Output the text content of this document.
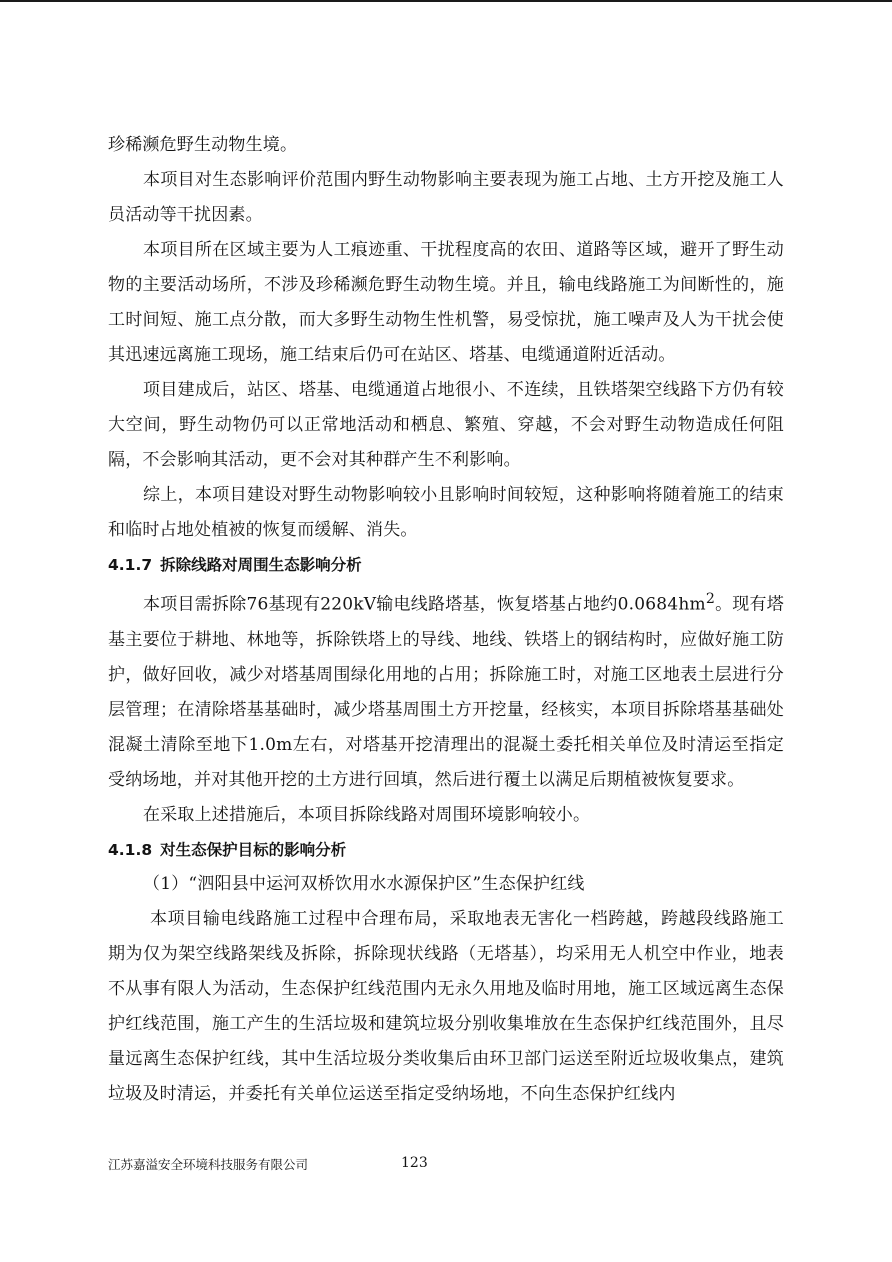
珍稀濒危野生动物生境。

本项目对生态影响评价范围内野生动物影响主要表现为施工占地、土方开挖及施工人员活动等干扰因素。

本项目所在区域主要为人工痕迹重、干扰程度高的农田、道路等区域，避开了野生动物的主要活动场所，不涉及珍稀濒危野生动物生境。并且，输电线路施工为间断性的，施工时间短、施工点分散，而大多野生动物生性机警，易受惊扰，施工噪声及人为干扰会使其迅速远离施工现场，施工结束后仍可在站区、塔基、电缆通道附近活动。

项目建成后，站区、塔基、电缆通道占地很小、不连续，且铁塔架空线路下方仍有较大空间，野生动物仍可以正常地活动和栖息、繁殖、穿越，不会对野生动物造成任何阻隔，不会影响其活动，更不会对其种群产生不利影响。

综上，本项目建设对野生动物影响较小且影响时间较短，这种影响将随着施工的结束和临时占地处植被的恢复而缓解、消失。

4.1.7 拆除线路对周围生态影响分析

本项目需拆除76基现有220kV输电线路塔基，恢复塔基占地约$0.0684hm^2$。现有塔基主要位于耕地、林地等，拆除铁塔上的导线、地线、铁塔上的钢结构时，应做好施工防护，做好回收，减少对塔基周围绿化用地的占用；拆除施工时，对施工区地表土层进行分层管理；在清除塔基基础时，减少塔基周围土方开挖量，经核实，本项目拆除塔基基础处混凝土清除至地下1.0m左右，对塔基开挖清理出的混凝土委托相关单位及时清运至指定受纳场地，并对其他开挖的土方进行回填，然后进行覆土以满足后期植被恢复要求。

在采取上述措施后，本项目拆除线路对周围环境影响较小。

4.1.8 对生态保护目标的影响分析

（1）“泗阳县中运河双桥饮用水水源保护区”生态保护红线

本项目输电线路施工过程中合理布局，采取地表无害化一档跨越，跨越段线路施工期为仅为架空线路架线及拆除，拆除现状线路（无塔基），均采用无人机空中作业，地表不从事有限人为活动，生态保护红线范围内无永久用地及临时用地，施工区域远离生态保护红线范围，施工产生的生活垃圾和建筑垃圾分别收集堆放在生态保护红线范围外，且尽量远离生态保护红线，其中生活垃圾分类收集后由环卫部门运送至附近垃圾收集点，建筑垃圾及时清运，并委托有关单位运送至指定受纳场地，不向生态保护红线内

江苏嘉溢安全环境科技服务有限公司	123
